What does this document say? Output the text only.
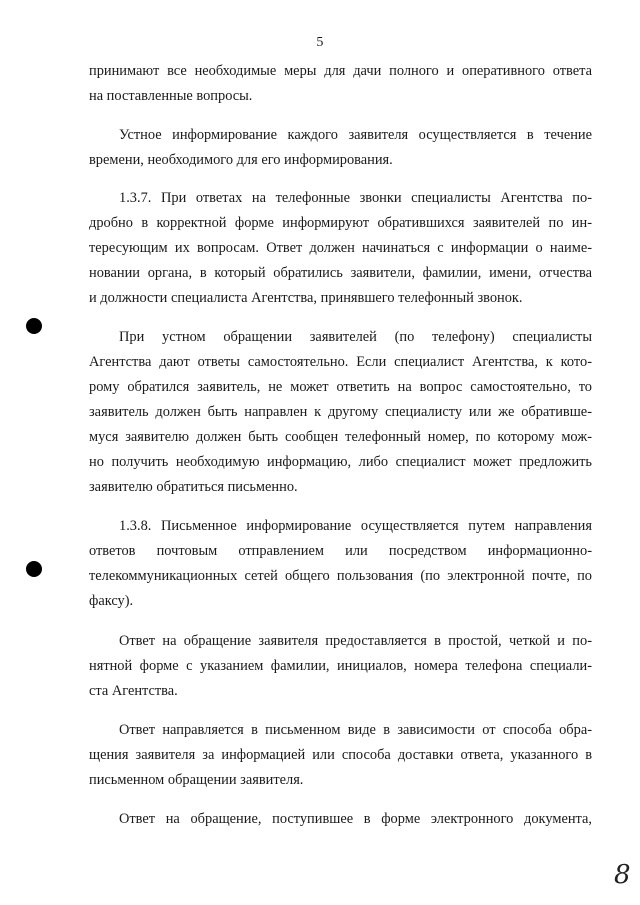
5
принимают все необходимые меры для дачи полного и оперативного ответа
на поставленные вопросы.
Устное информирование каждого заявителя осуществляется в течение
времени, необходимого для его информирования.
1.3.7. При ответах на телефонные звонки специалисты Агентства по-
дробно в корректной форме информируют обратившихся заявителей по ин-
тересующим их вопросам. Ответ должен начинаться с информации о наиме-
новании органа, в который обратились заявители, фамилии, имени, отчества
и должности специалиста Агентства, принявшего телефонный звонок.
При устном обращении заявителей (по телефону) специалисты
Агентства дают ответы самостоятельно. Если специалист Агентства, к кото-
рому обратился заявитель, не может ответить на вопрос самостоятельно, то
заявитель должен быть направлен к другому специалисту или же обративше-
муся заявителю должен быть сообщен телефонный номер, по которому мож-
но получить необходимую информацию, либо специалист может предложить
заявителю обратиться письменно.
1.3.8. Письменное информирование осуществляется путем направления
ответов почтовым отправлением или посредством информационно-
телекоммуникационных сетей общего пользования (по электронной почте, по
факсу).
Ответ на обращение заявителя предоставляется в простой, четкой и по-
нятной форме с указанием фамилии, инициалов, номера телефона специали-
ста Агентства.
Ответ направляется в письменном виде в зависимости от способа обра-
щения заявителя за информацией или способа доставки ответа, указанного в
письменном обращении заявителя.
Ответ на обращение, поступившее в форме электронного документа,
8
